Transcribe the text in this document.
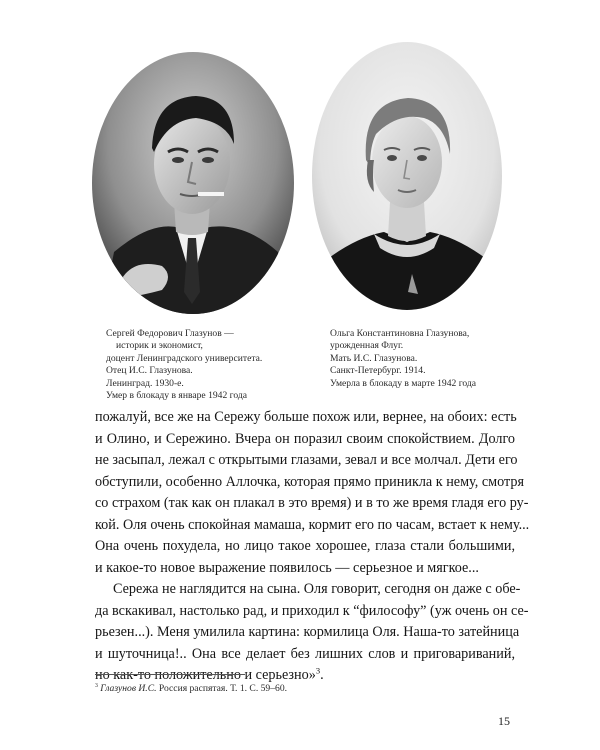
Сергей Федорович Глазунов —
историк и экономист,
доцент Ленинградского университета.
Отец И.С. Глазунова.
Ленинград. 1930-е.
Умер в блокаду в январе 1942 года
Ольга Константиновна Глазунова,
урожденная Флуг.
Мать И.С. Глазунова.
Санкт-Петербург. 1914.
Умерла в блокаду в марте 1942 года
пожалуй, все же на Сережу больше похож или, вернее, на обоих: есть
и Олино, и Сережино. Вчера он поразил своим спокойствием. Долго
не засыпал, лежал с открытыми глазами, зевал и все молчал. Дети его
обступили, особенно Аллочка, которая прямо приникла к нему, смотря
со страхом (так как он плакал в это время) и в то же время гладя его ру-
кой. Оля очень спокойная мамаша, кормит его по часам, встает к нему...
Она очень похудела, но лицо такое хорошее, глаза стали большими,
и какое-то новое выражение появилось — серьезное и мягкое...
Сережа не наглядится на сына. Оля говорит, сегодня он даже с обе-
да вскакивал, настолько рад, и приходил к “философу” (уж очень он се-
рьезен...). Меня умилила картина: кормилица Оля. Наша-то затейница
и шуточница!.. Она все делает без лишних слов и приговариваний,
но как-то положительно и серьезно»$^3$.
$^3$ Глазунов И.С. Россия распятая. Т. 1. С. 59–60.
15
